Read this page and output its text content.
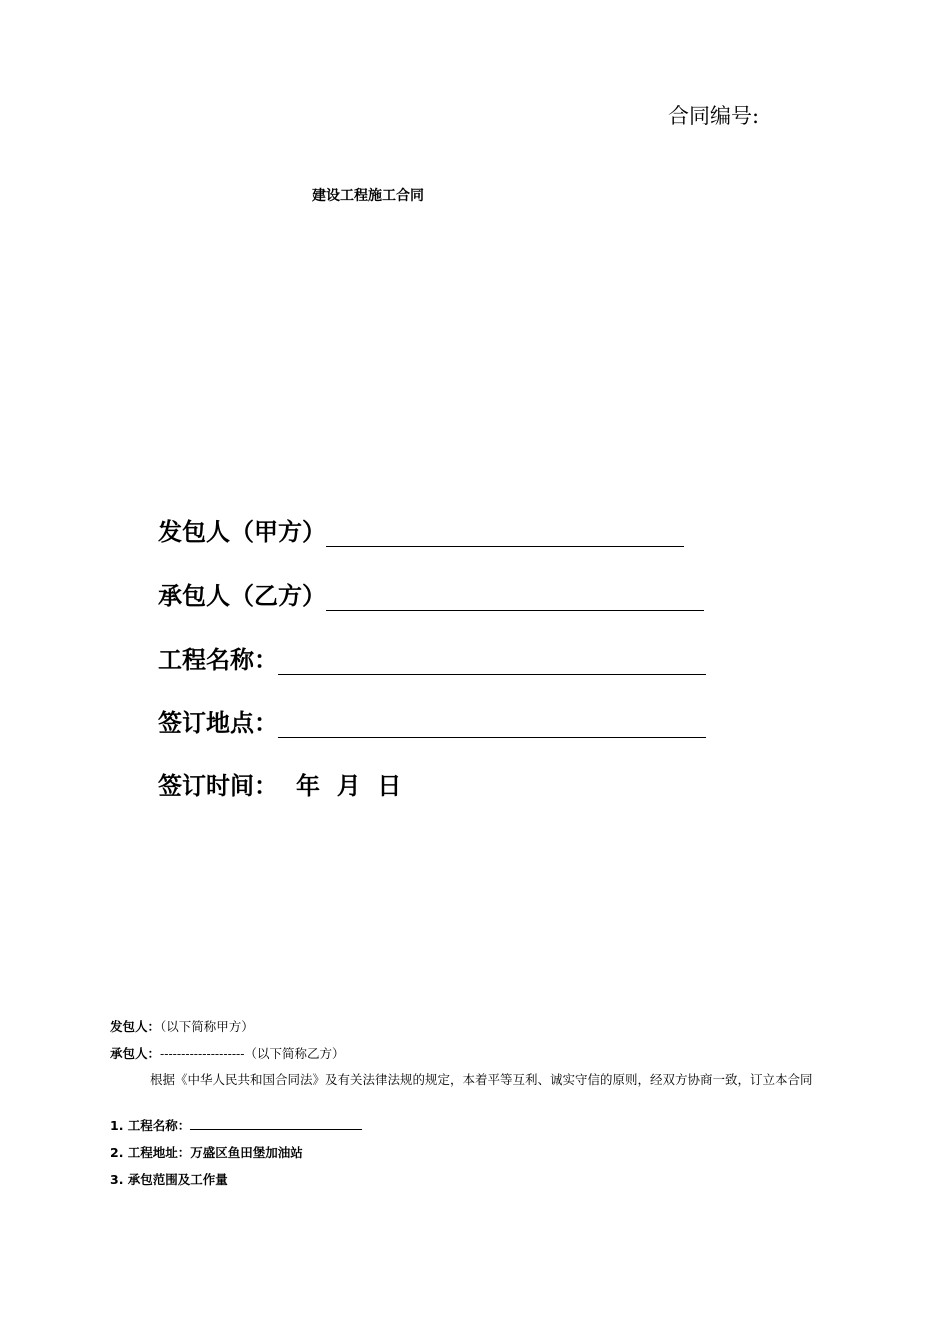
合同编号:
建设工程施工合同
发包人（甲方）
承包人（乙方）
工程名称：
签订地点：
签订时间： 年  月  日
发包人：（以下简称甲方）
承包人：--------------------（以下简称乙方）
根据《中华人民共和国合同法》及有关法律法规的规定，本着平等互利、诚实守信的原则，经双方协商一致，订立本合同
1. 工程名称：
2. 工程地址：万盛区鱼田堡加油站
3. 承包范围及工作量
